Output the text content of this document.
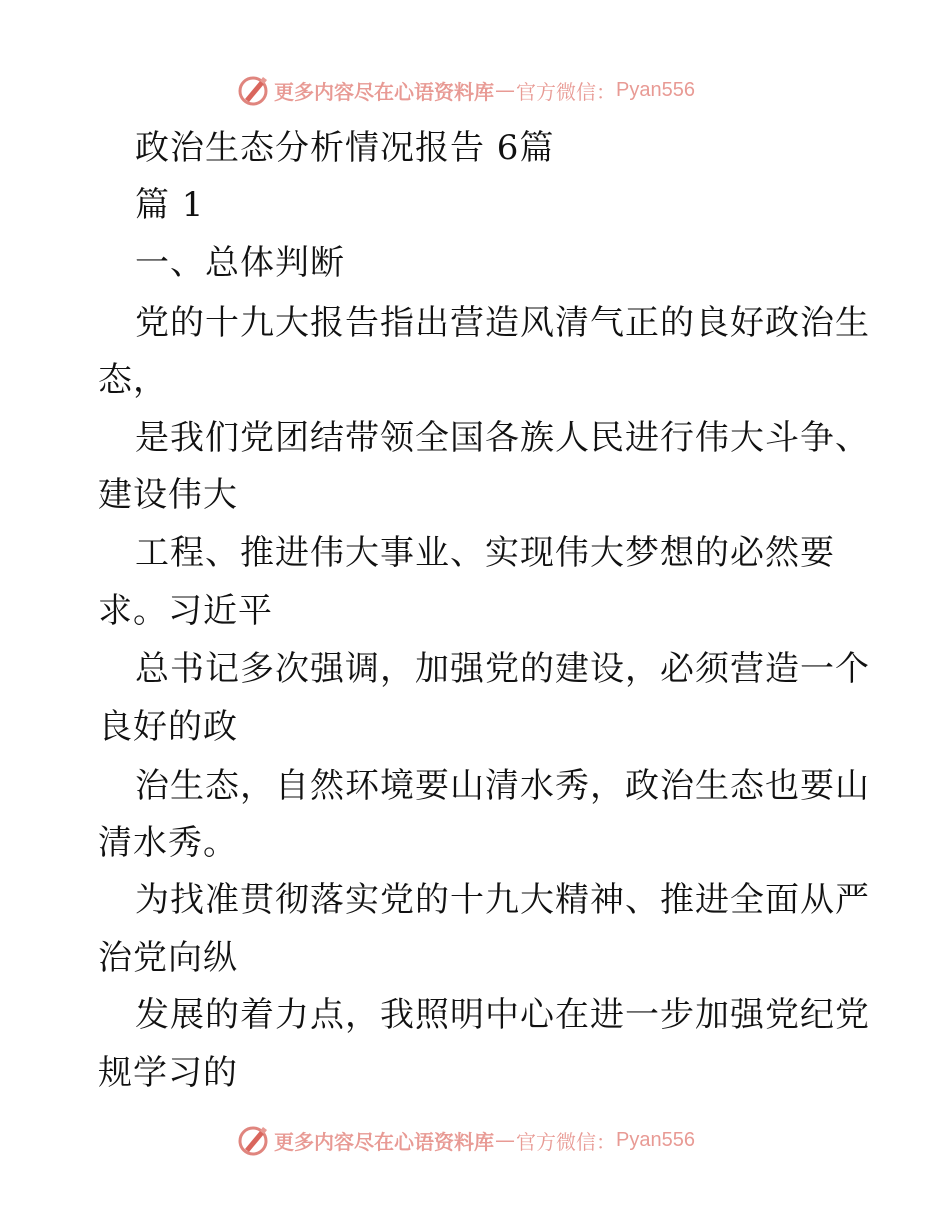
更多内容尽在心语资料库 — 官方微信： Pyan556
政治生态分析情况报告 6篇
篇 1
一、总体判断
党的十九大报告指出营造风清气正的良好政治生
态，
是我们党团结带领全国各族人民进行伟大斗争、
建设伟大
工程、推进伟大事业、实现伟大梦想的必然要
求。习近平
总书记多次强调，加强党的建设，必须营造一个
良好的政
治生态，自然环境要山清水秀，政治生态也要山
清水秀。
为找准贯彻落实党的十九大精神、推进全面从严
治党向纵
发展的着力点，我照明中心在进一步加强党纪党
规学习的
更多内容尽在心语资料库 — 官方微信： Pyan556
